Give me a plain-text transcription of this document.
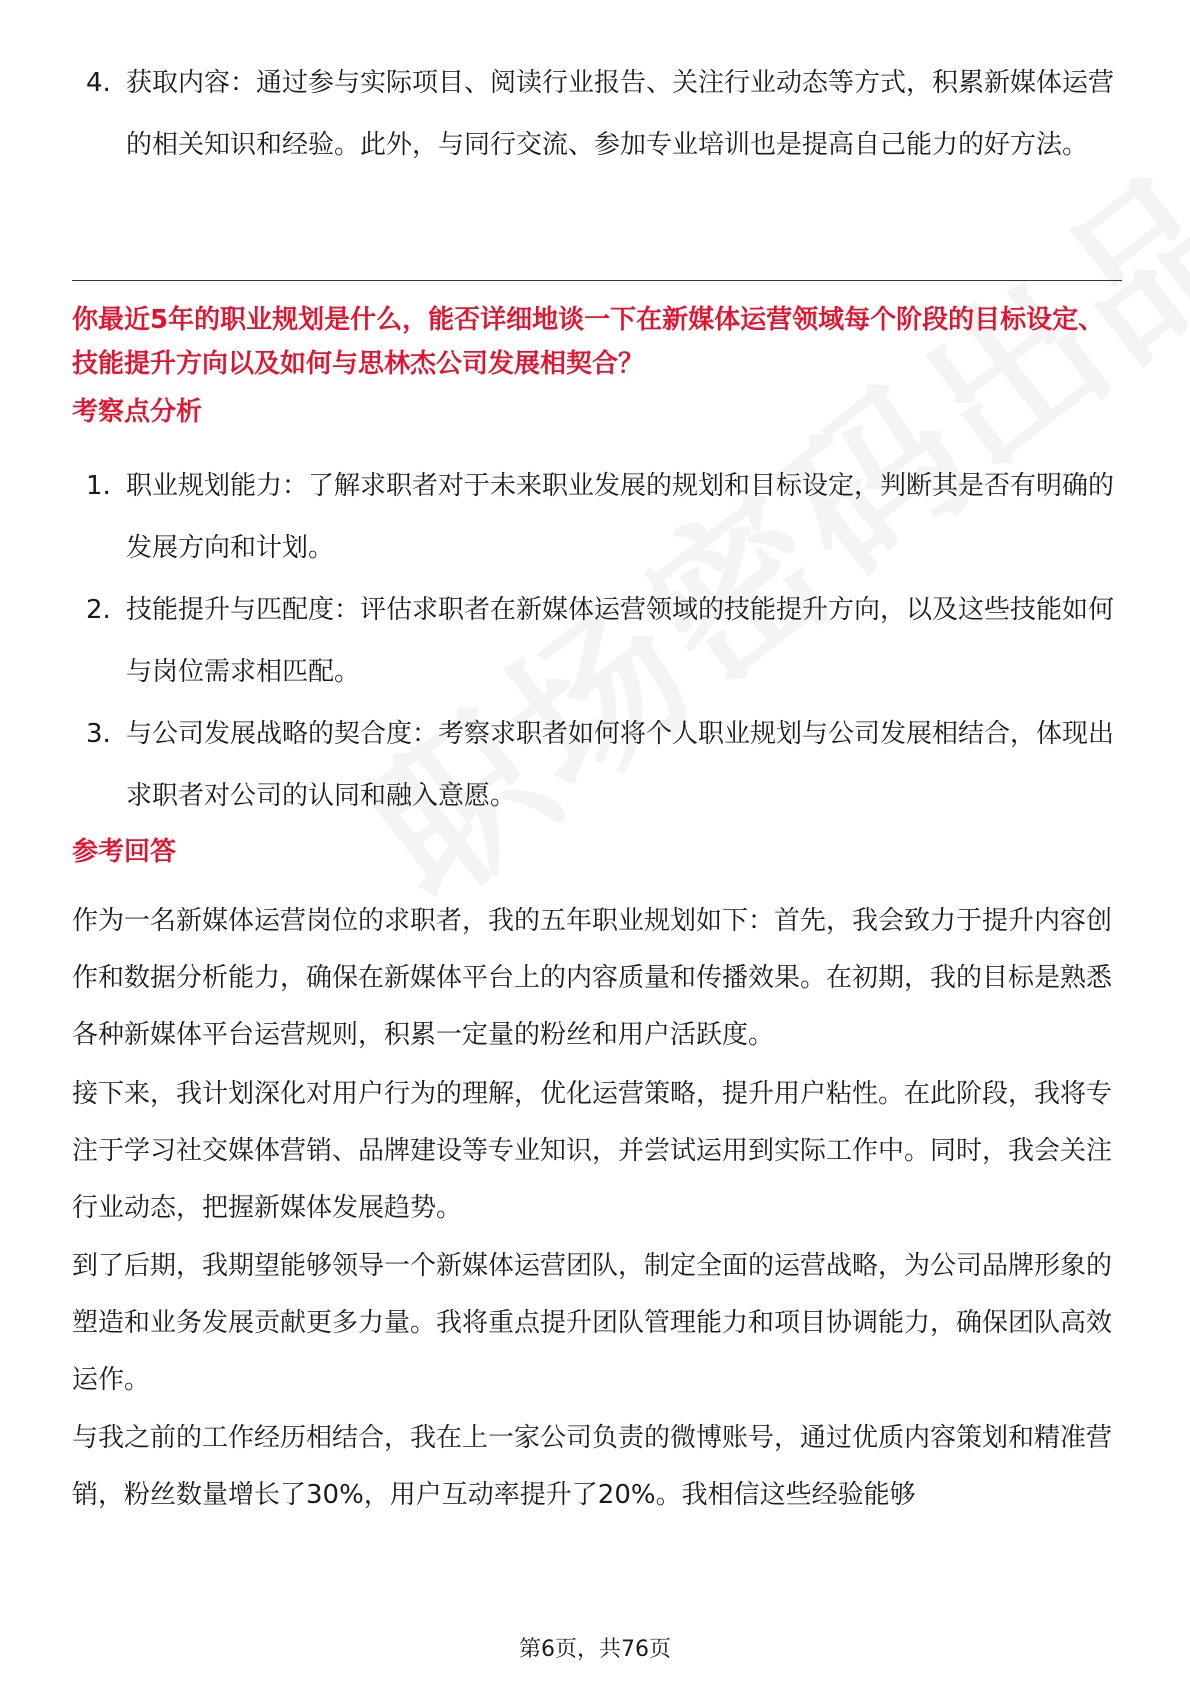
4. 获取内容：通过参与实际项目、阅读行业报告、关注行业动态等方式，积累新媒体运营的相关知识和经验。此外，与同行交流、参加专业培训也是提高自己能力的好方法。
你最近5年的职业规划是什么，能否详细地谈一下在新媒体运营领域每个阶段的目标设定、技能提升方向以及如何与思林杰公司发展相契合？
考察点分析
1. 职业规划能力：了解求职者对于未来职业发展的规划和目标设定，判断其是否有明确的发展方向和计划。
2. 技能提升与匹配度：评估求职者在新媒体运营领域的技能提升方向，以及这些技能如何与岗位需求相匹配。
3. 与公司发展战略的契合度：考察求职者如何将个人职业规划与公司发展相结合，体现出求职者对公司的认同和融入意愿。
参考回答

作为一名新媒体运营岗位的求职者，我的五年职业规划如下：首先，我会致力于提升内容创作和数据分析能力，确保在新媒体平台上的内容质量和传播效果。在初期，我的目标是熟悉各种新媒体平台运营规则，积累一定量的粉丝和用户活跃度。

接下来，我计划深化对用户行为的理解，优化运营策略，提升用户粘性。在此阶段，我将专注于学习社交媒体营销、品牌建设等专业知识，并尝试运用到实际工作中。同时，我会关注行业动态，把握新媒体发展趋势。

到了后期，我期望能够领导一个新媒体运营团队，制定全面的运营战略，为公司品牌形象的塑造和业务发展贡献更多力量。我将重点提升团队管理能力和项目协调能力，确保团队高效运作。

与我之前的工作经历相结合，我在上一家公司负责的微博账号，通过优质内容策划和精准营销，粉丝数量增长了30%，用户互动率提升了20%。我相信这些经验能够

第6页，共76页
